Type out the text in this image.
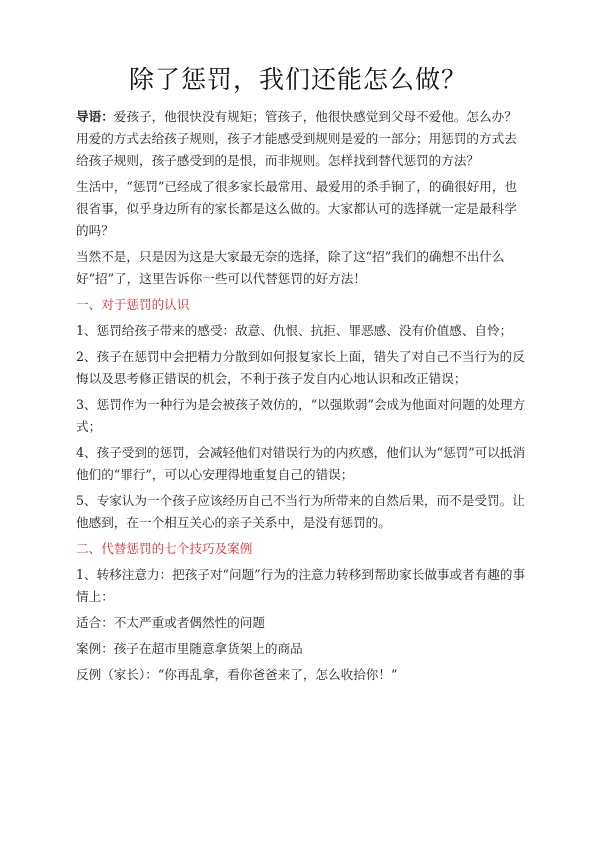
除了惩罚，我们还能怎么做？

导语：爱孩子，他很快没有规矩；管孩子，他很快感觉到父母不爱他。怎么办？用爱的方式去给孩子规则，孩子才能感受到规则是爱的一部分；用惩罚的方式去给孩子规则，孩子感受到的是恨，而非规则。怎样找到替代惩罚的方法？

生活中，“惩罚”已经成了很多家长最常用、最爱用的杀手锏了，的确很好用，也很省事，似乎身边所有的家长都是这么做的。大家都认可的选择就一定是最科学的吗？

当然不是，只是因为这是大家最无奈的选择，除了这“招”我们的确想不出什么好“招”了，这里告诉你一些可以代替惩罚的好方法！

一、对于惩罚的认识

1、惩罚给孩子带来的感受：敌意、仇恨、抗拒、罪恶感、没有价值感、自怜；

2、孩子在惩罚中会把精力分散到如何报复家长上面，错失了对自己不当行为的反悔以及思考修正错误的机会，不利于孩子发自内心地认识和改正错误；

3、惩罚作为一种行为是会被孩子效仿的，“以强欺弱”会成为他面对问题的处理方式；

4、孩子受到的惩罚，会减轻他们对错误行为的内疚感，他们认为“惩罚”可以抵消他们的“罪行”，可以心安理得地重复自己的错误；

5、专家认为一个孩子应该经历自己不当行为所带来的自然后果，而不是受罚。让他感到，在一个相互关心的亲子关系中，是没有惩罚的。

二、代替惩罚的七个技巧及案例

1、转移注意力：把孩子对“问题”行为的注意力转移到帮助家长做事或者有趣的事情上：

适合：不太严重或者偶然性的问题

案例：孩子在超市里随意拿货架上的商品

反例（家长）：“你再乱拿，看你爸爸来了，怎么收拾你！”
